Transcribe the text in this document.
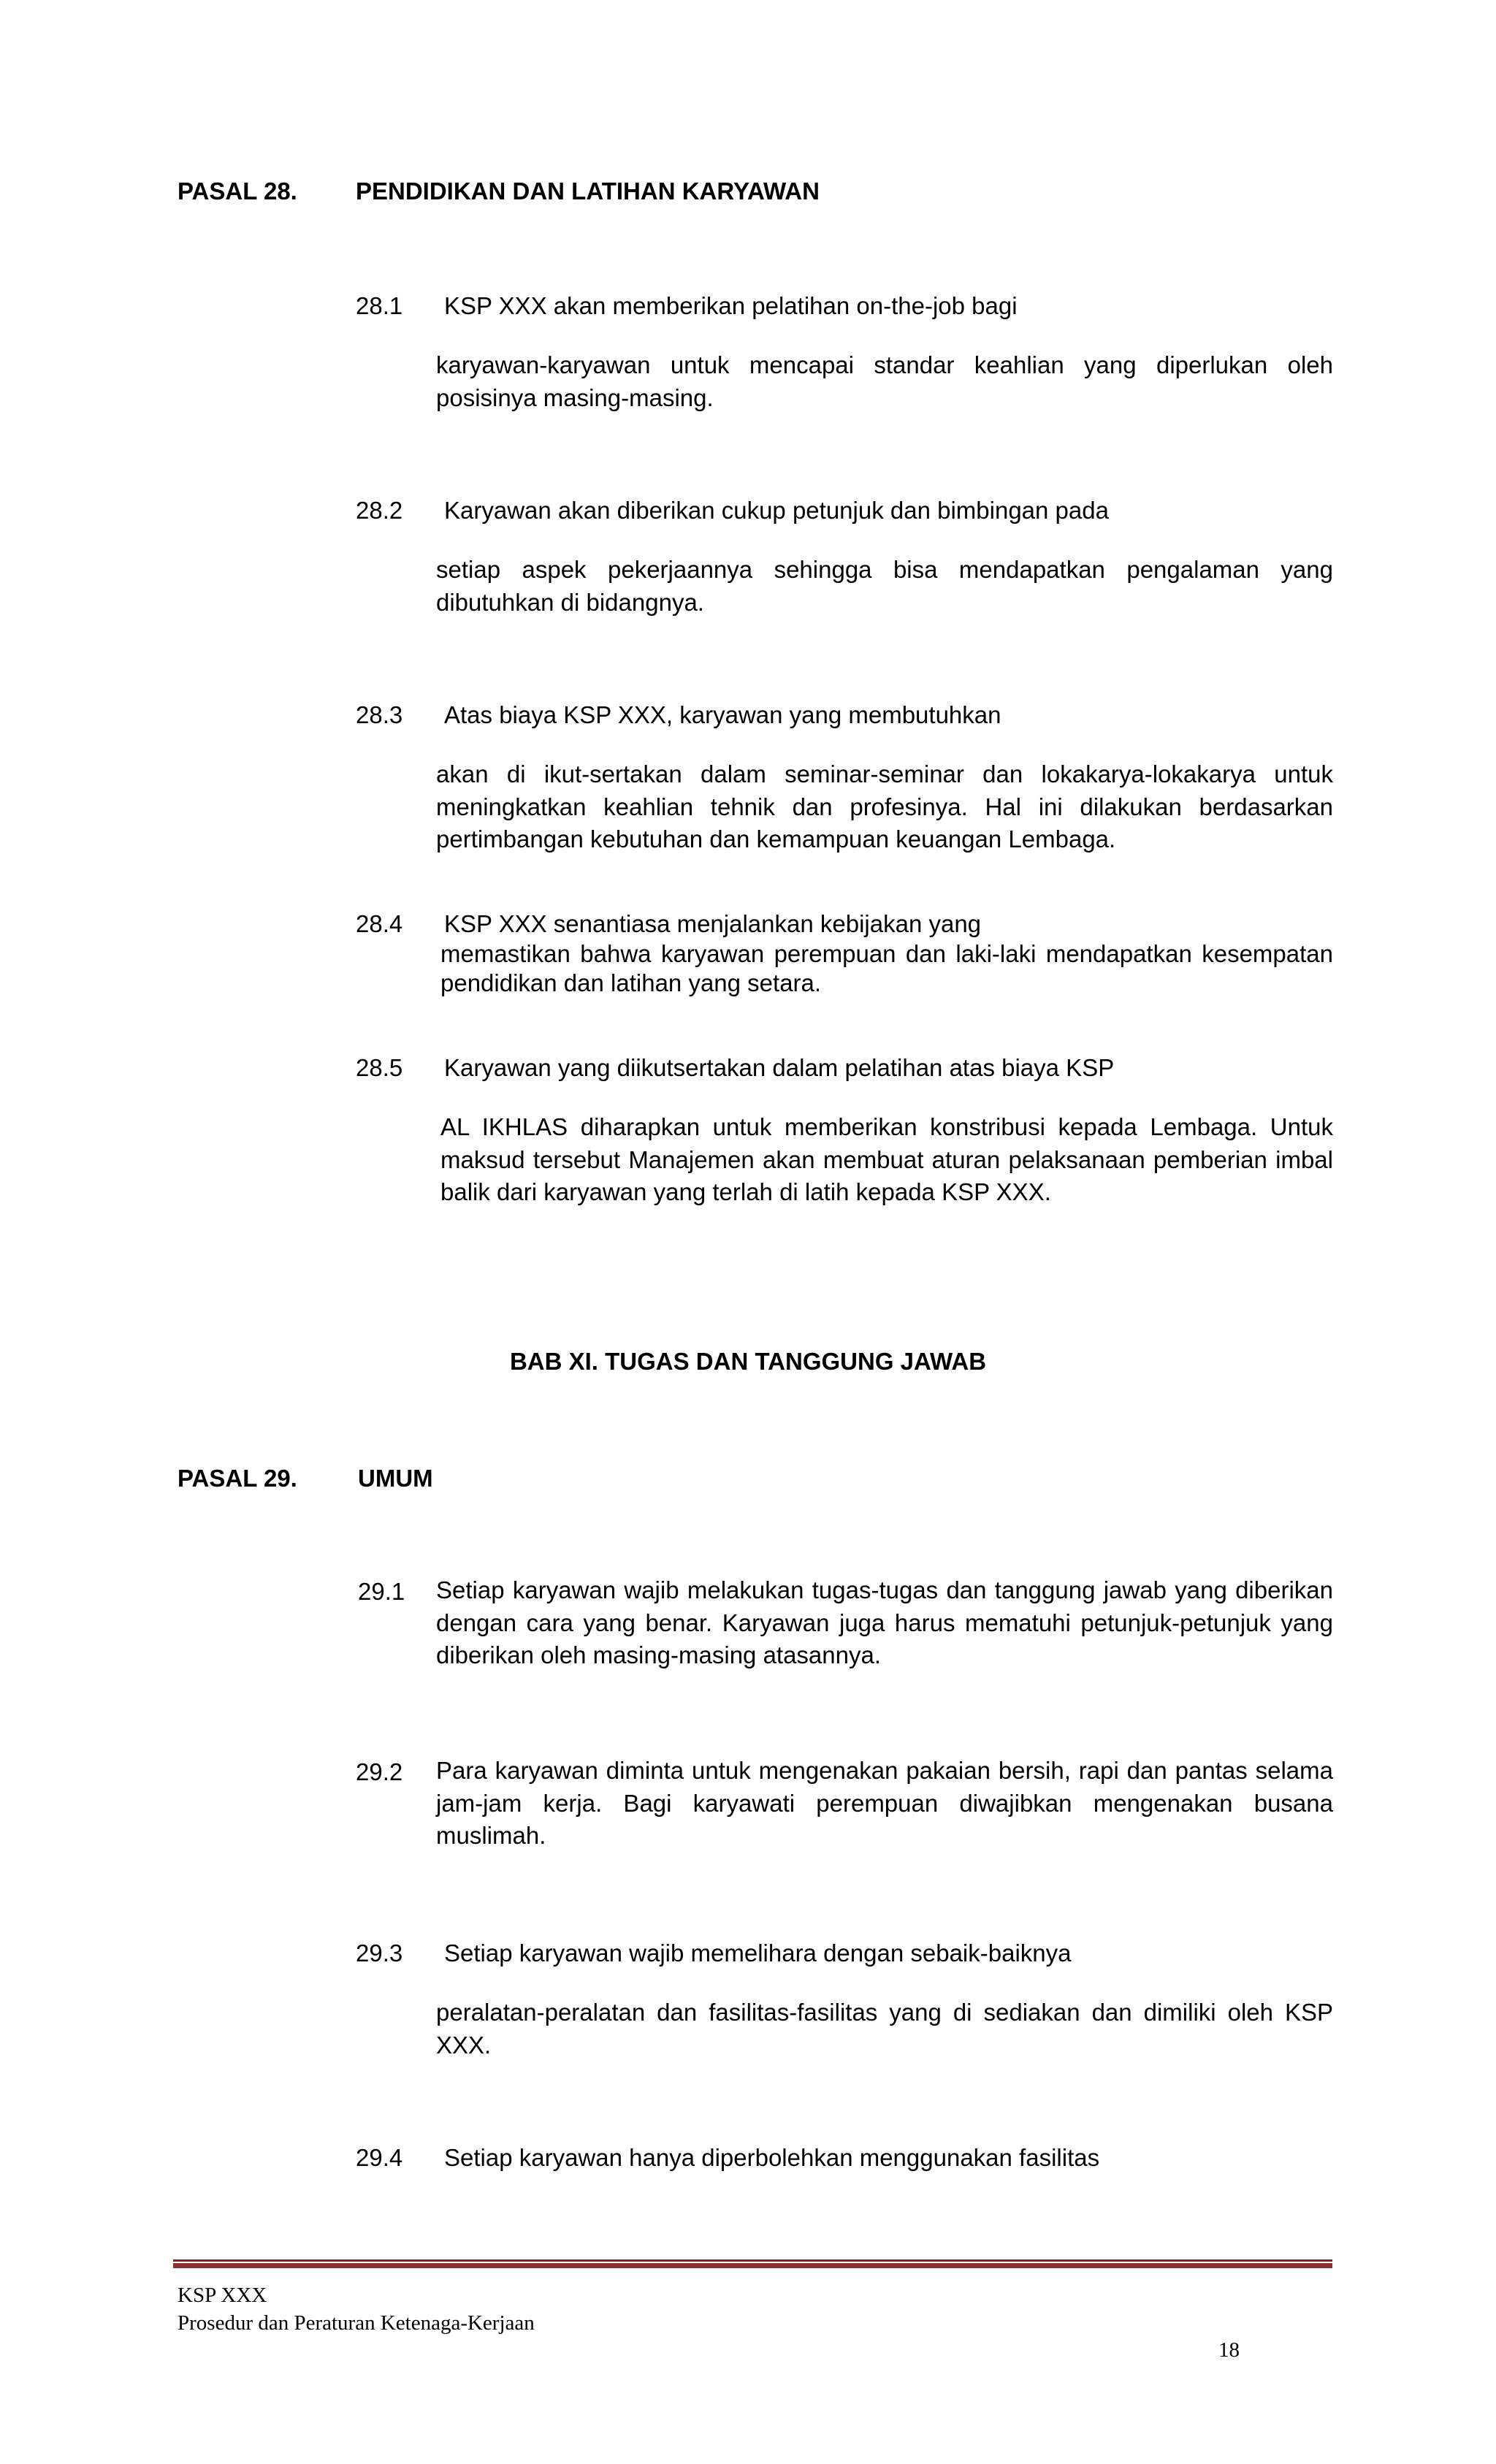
PASAL 28. PENDIDIKAN DAN LATIHAN KARYAWAN
28.1 KSP XXX akan memberikan pelatihan on-the-job bagi
karyawan-karyawan untuk mencapai standar keahlian yang diperlukan oleh posisinya masing-masing.
28.2 Karyawan akan diberikan cukup petunjuk dan bimbingan pada
setiap aspek pekerjaannya sehingga bisa mendapatkan pengalaman yang dibutuhkan di bidangnya.
28.3 Atas biaya KSP XXX, karyawan yang membutuhkan
akan di ikut-sertakan dalam seminar-seminar dan lokakarya-lokakarya untuk meningkatkan keahlian tehnik dan profesinya. Hal ini dilakukan berdasarkan pertimbangan kebutuhan dan kemampuan keuangan Lembaga.
28.4 KSP XXX senantiasa menjalankan kebijakan yang
memastikan bahwa karyawan perempuan dan laki-laki mendapatkan kesempatan pendidikan dan latihan yang setara.
28.5 Karyawan yang diikutsertakan dalam pelatihan atas biaya KSP
AL IKHLAS diharapkan untuk memberikan konstribusi kepada Lembaga. Untuk maksud tersebut Manajemen akan membuat aturan pelaksanaan pemberian imbal balik dari karyawan yang terlah di latih kepada KSP XXX.
BAB XI. TUGAS DAN TANGGUNG JAWAB
PASAL 29.	UMUM
29.1 Setiap karyawan wajib melakukan tugas-tugas dan tanggung jawab yang diberikan dengan cara yang benar. Karyawan juga harus mematuhi petunjuk-petunjuk yang diberikan oleh masing-masing atasannya.
29.2 Para karyawan diminta untuk mengenakan pakaian bersih, rapi dan pantas selama jam-jam kerja. Bagi karyawati perempuan diwajibkan mengenakan busana muslimah.
29.3 Setiap karyawan wajib memelihara dengan sebaik-baiknya
peralatan-peralatan dan fasilitas-fasilitas yang di sediakan dan dimiliki oleh KSP XXX.
29.4 Setiap karyawan hanya diperbolehkan menggunakan fasilitas
KSP XXX
Prosedur dan Peraturan Ketenaga-Kerjaan
18
